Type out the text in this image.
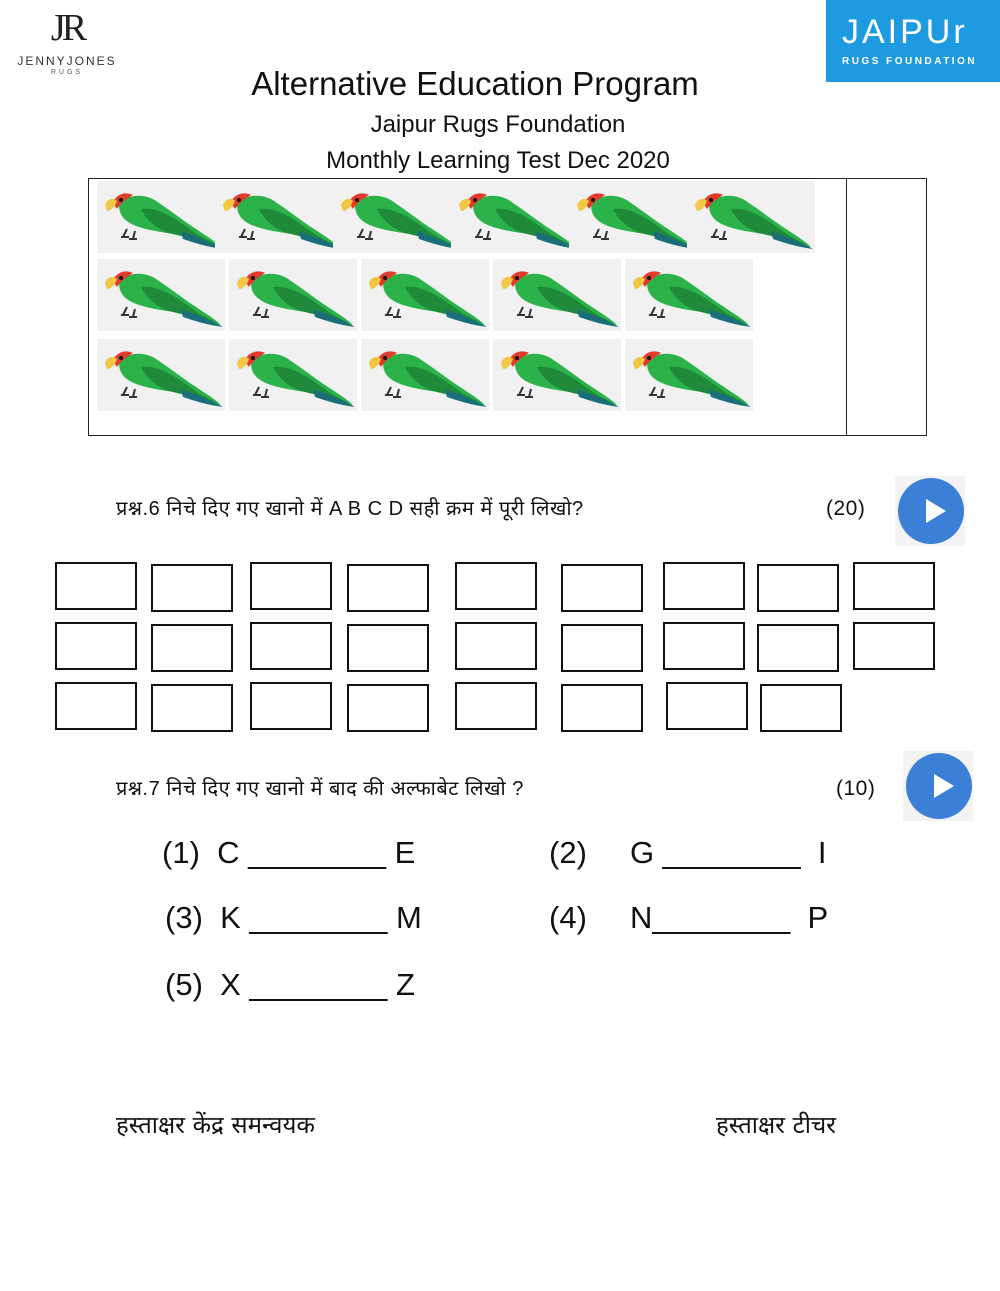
JR
JENNYJONES
RUGS
JAIPUr
RUGS FOUNDATION
Alternative Education Program
Jaipur Rugs Foundation
Monthly Learning Test Dec 2020
प्रश्न.6 निचे दिए गए खानो में A B C D सही क्रम में पूरी लिखो?	(20)
प्रश्न.7 निचे दिए गए खानो में बाद की अल्फाबेट लिखो ?	(10)
(1)  C ________ E	(2)     G ________  I
(3)  K ________ M	(4)     N________  P
(5)  X ________ Z
हस्ताक्षर केंद्र समन्वयक	हस्ताक्षर टीचर
